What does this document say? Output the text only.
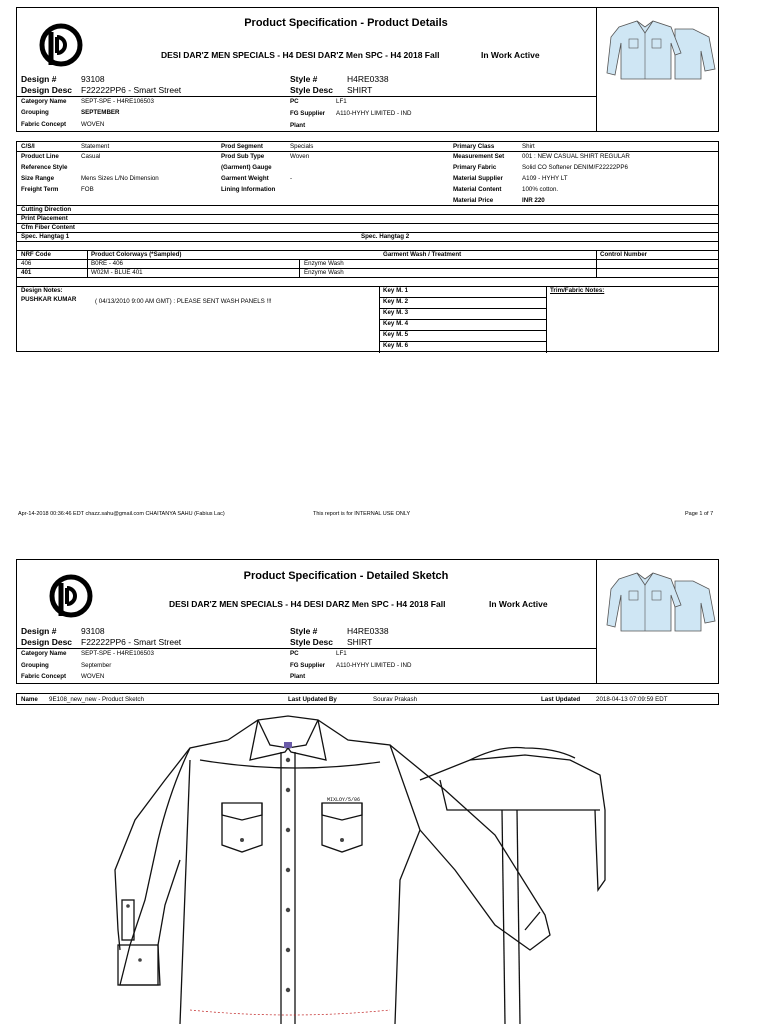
Product Specification - Product Details
DESI DAR'Z MEN SPECIALS - H4 DESI DAR'Z Men SPC - H4 2018 Fall	In Work Active
Design #	93108
Design Desc F22222PP6 - Smart Street
Style #	H4RE0338
Style Desc SHIRT
Category Name SEPT-SPE - H4RE106503
Grouping	SEPTEMBER
Fabric Concept WOVEN
PC	LF1
FG Supplier A110-HYHY LIMITED - IND
Plant
C/S/I	Statement
Product Line	Casual
Reference Style
Size Range	Mens Sizes L/No Dimension
Freight Term	FOB
Prod Segment	Specials
Prod Sub Type	Woven
(Garment) Gauge
Garment Weight	-
Lining Information
Primary Class	Shirt
Measurement Set	001 : NEW CASUAL SHIRT REGULAR
Primary Fabric	Solid CO Softener DENIM/F22222PP6
Material Supplier	A109 - HYHY LT
Material Content	100% cotton.
Material Price	INR 220
Cutting Direction
Print Placement
Cfm Fiber Content
Spec. Hangtag 1	Spec. Hangtag 2
NRF Code	Product Colorways (*Sampled)	Garment Wash / Treatment	Control Number
406	B0RE - 406	Enzyme Wash
401	W02M - BLUE 401	Enzyme Wash
Design Notes:
PUSHKAR KUMAR	( 04/13/2010 9:00 AM GMT) : PLEASE SENT WASH PANELS !!!
Key M. 1
Key M. 2
Key M. 3
Key M. 4
Key M. 5
Key M. 6
Trim/Fabric Notes:
Apr-14-2018 00:36:46 EDT chazz.sahu@gmail.com CHAITANYA SAHU (Fabius Lac)	This report is for INTERNAL USE ONLY	Page 1 of 7
Product Specification - Detailed Sketch
DESI DAR'Z MEN SPECIALS - H4 DESI DARZ Men SPC - H4 2018 Fall	In Work Active
Design #	93108
Design Desc F22222PP6 - Smart Street
Style #	H4RE0338
Style Desc SHIRT
Category Name SEPT-SPE - H4RE106503
Grouping	September
Fabric Concept WOVEN
PC	LF1
FG Supplier A110-HYHY LIMITED - IND
Plant
Name 9E108_new_new - Product Sketch	Last Updated By	Sourav Prakash	Last Updated	2018-04-13 07:09:59 EDT
MIXLOY/5/06
